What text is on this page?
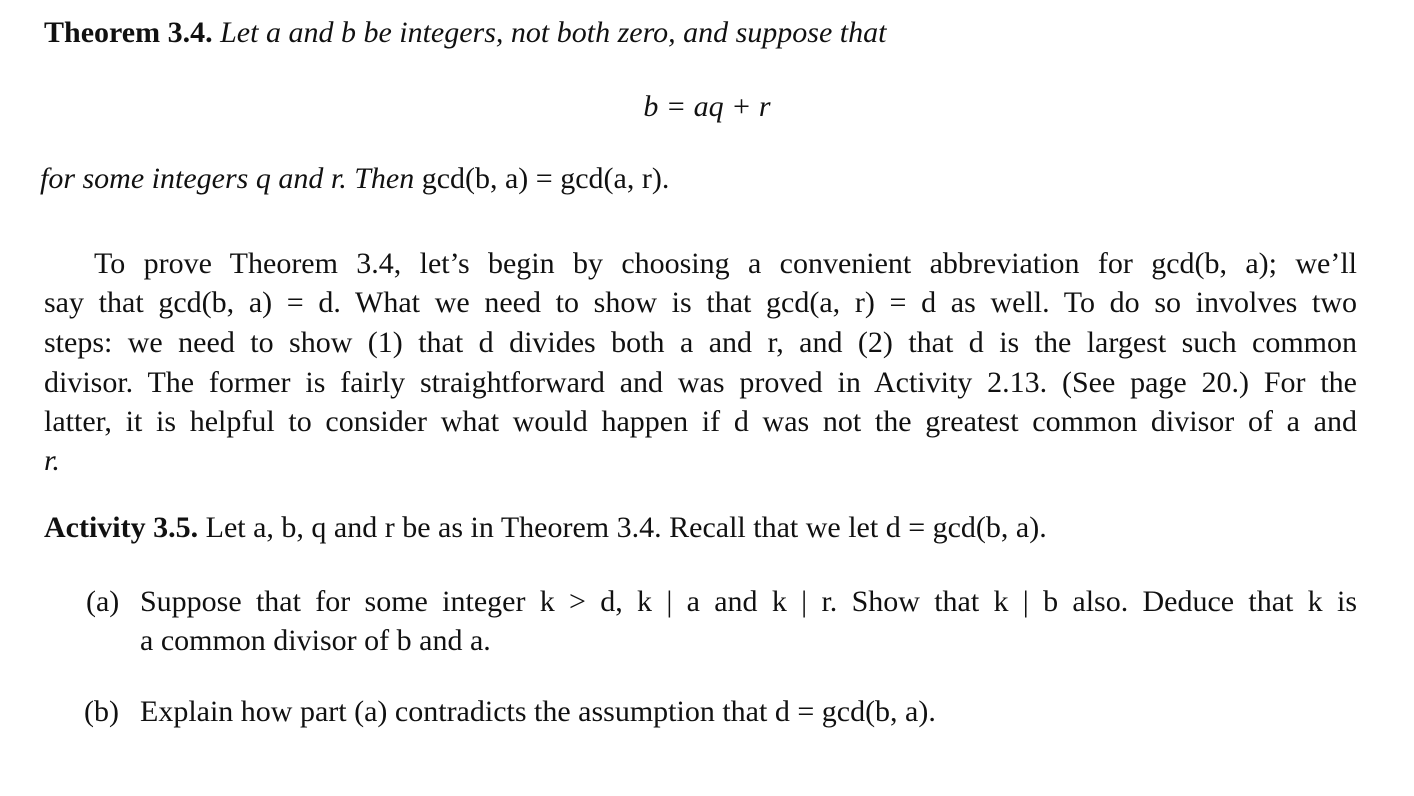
Theorem 3.4. Let a and b be integers, not both zero, and suppose that
b = aq + r
for some integers q and r. Then gcd(b, a) = gcd(a, r).
To prove Theorem 3.4, let’s begin by choosing a convenient abbreviation for gcd(b, a); we’ll
say that gcd(b, a) = d. What we need to show is that gcd(a, r) = d as well. To do so involves two
steps: we need to show (1) that d divides both a and r, and (2) that d is the largest such common
divisor. The former is fairly straightforward and was proved in Activity 2.13. (See page 20.) For the
latter, it is helpful to consider what would happen if d was not the greatest common divisor of a and
r.
Activity 3.5. Let a, b, q and r be as in Theorem 3.4. Recall that we let d = gcd(b, a).
(a) Suppose that for some integer k > d, k | a and k | r. Show that k | b also. Deduce that k is
a common divisor of b and a.
(b) Explain how part (a) contradicts the assumption that d = gcd(b, a).
